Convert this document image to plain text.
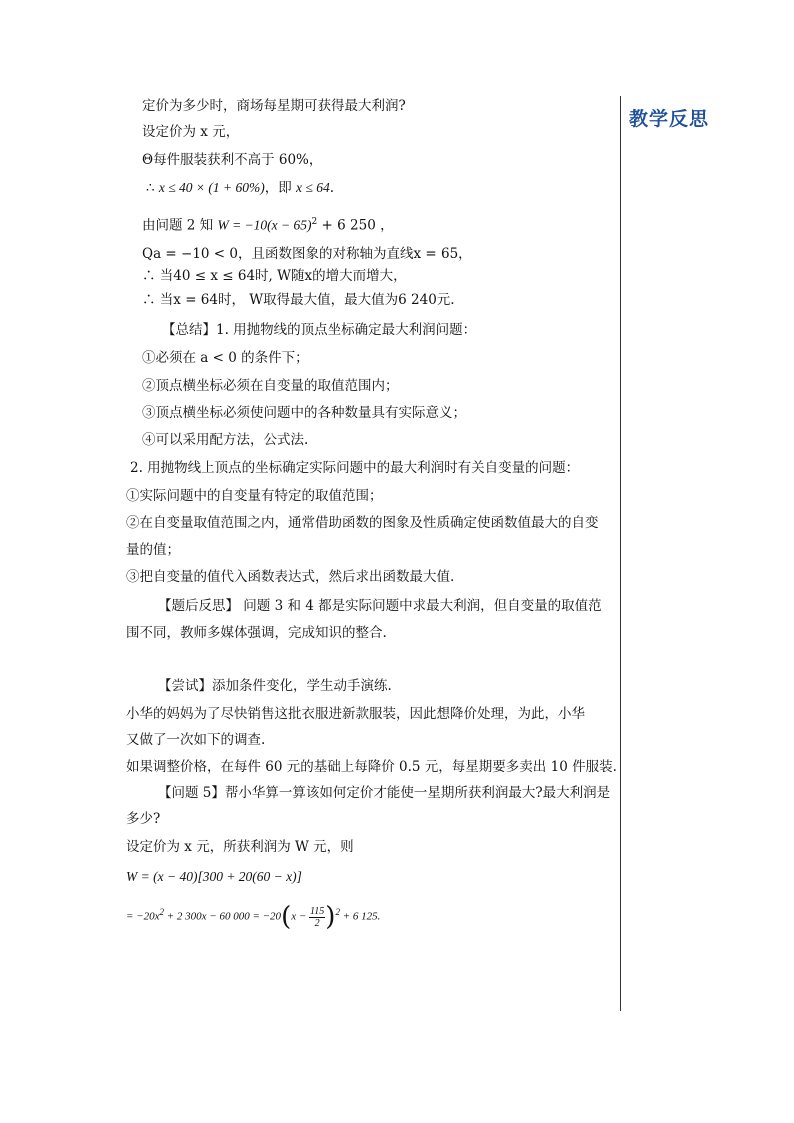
教学反思
定价为多少时，商场每星期可获得最大利润?
设定价为 x 元，
Θ每件服装获利不高于 60%，
∴ x ≤ 40 × (1 + 60%)，即 x ≤ 64.
由问题 2 知 $W = -10(x - 65)^2 + 6$ 250 ，
Qa = −10 < 0，且函数图象的对称轴为直线x = 65，
∴ 当40 ≤ x ≤ 64时, W随x的增大而增大，
∴ 当x = 64时， W取得最大值，最大值为6 240元.
【总结】1. 用抛物线的顶点坐标确定最大利润问题：
①必须在 a < 0 的条件下；
②顶点横坐标必须在自变量的取值范围内；
③顶点横坐标必须使问题中的各种数量具有实际意义；
④可以采用配方法，公式法.
2. 用抛物线上顶点的坐标确定实际问题中的最大利润时有关自变量的问题：
①实际问题中的自变量有特定的取值范围；
②在自变量取值范围之内，通常借助函数的图象及性质确定使函数值最大的自变
量的值；
③把自变量的值代入函数表达式，然后求出函数最大值.
【题后反思】 问题 3 和 4 都是实际问题中求最大利润，但自变量的取值范
围不同，教师多媒体强调，完成知识的整合.
【尝试】添加条件变化，学生动手演练.
小华的妈妈为了尽快销售这批衣服进新款服装，因此想降价处理，为此，小华
又做了一次如下的调查.
如果调整价格，在每件 60 元的基础上每降价 0.5 元，每星期要多卖出 10 件服装.
【问题 5】帮小华算一算该如何定价才能使一星期所获利润最大?最大利润是
多少?
设定价为 x 元，所获利润为 W 元，则
W = (x − 40)[300 + 20(60 − x)]
= $-20x^2 + 2$ 300x − 60 $000 = -20(x - \frac{115}{2} )^2 + 6$ 125.
